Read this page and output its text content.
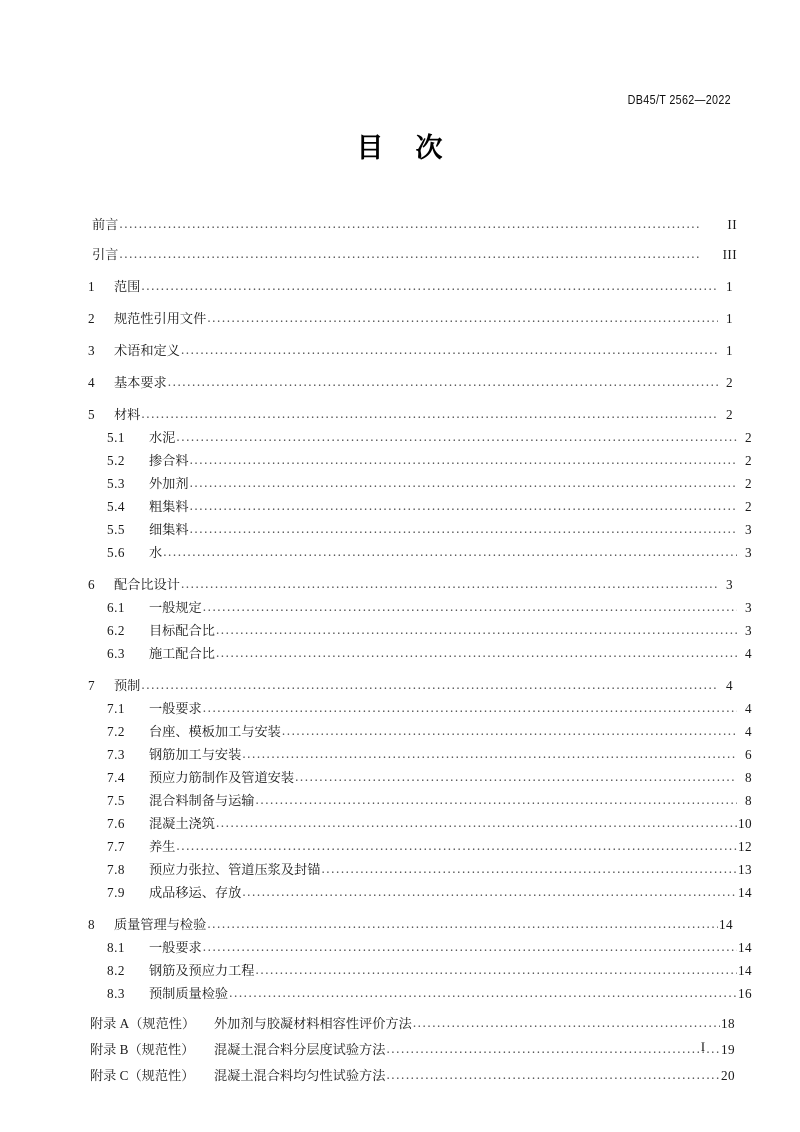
DB45/T 2562—2022
目    次
前言 .....	II
引言 .....	III
1	范围 .....	1
2	规范性引用文件 .....	1
3	术语和定义 .....	1
4	基本要求 .....	2
5	材料 .....	2
5.1	水泥 .....	2
5.2	掺合料 .....	2
5.3	外加剂 .....	2
5.4	粗集料 .....	2
5.5	细集料 .....	3
5.6	水 .....	3
6	配合比设计 .....	3
6.1	一般规定 .....	3
6.2	目标配合比 .....	3
6.3	施工配合比 .....	4
7	预制 .....	4
7.1	一般要求 .....	4
7.2	台座、模板加工与安装 .....	4
7.3	钢筋加工与安装 .....	6
7.4	预应力筋制作及管道安装 .....	8
7.5	混合料制备与运输 .....	8
7.6	混凝土浇筑 .....	10
7.7	养生 .....	12
7.8	预应力张拉、管道压浆及封锚 .....	13
7.9	成品移运、存放 .....	14
8	质量管理与检验 .....	14
8.1	一般要求 .....	14
8.2	钢筋及预应力工程 .....	14
8.3	预制质量检验 .....	16
附录 A（规范性）	外加剂与胶凝材料相容性评价方法 .....	18
附录 B（规范性）	混凝土混合料分层度试验方法 .....	19
附录 C（规范性）	混凝土混合料均匀性试验方法 .....	20
I
